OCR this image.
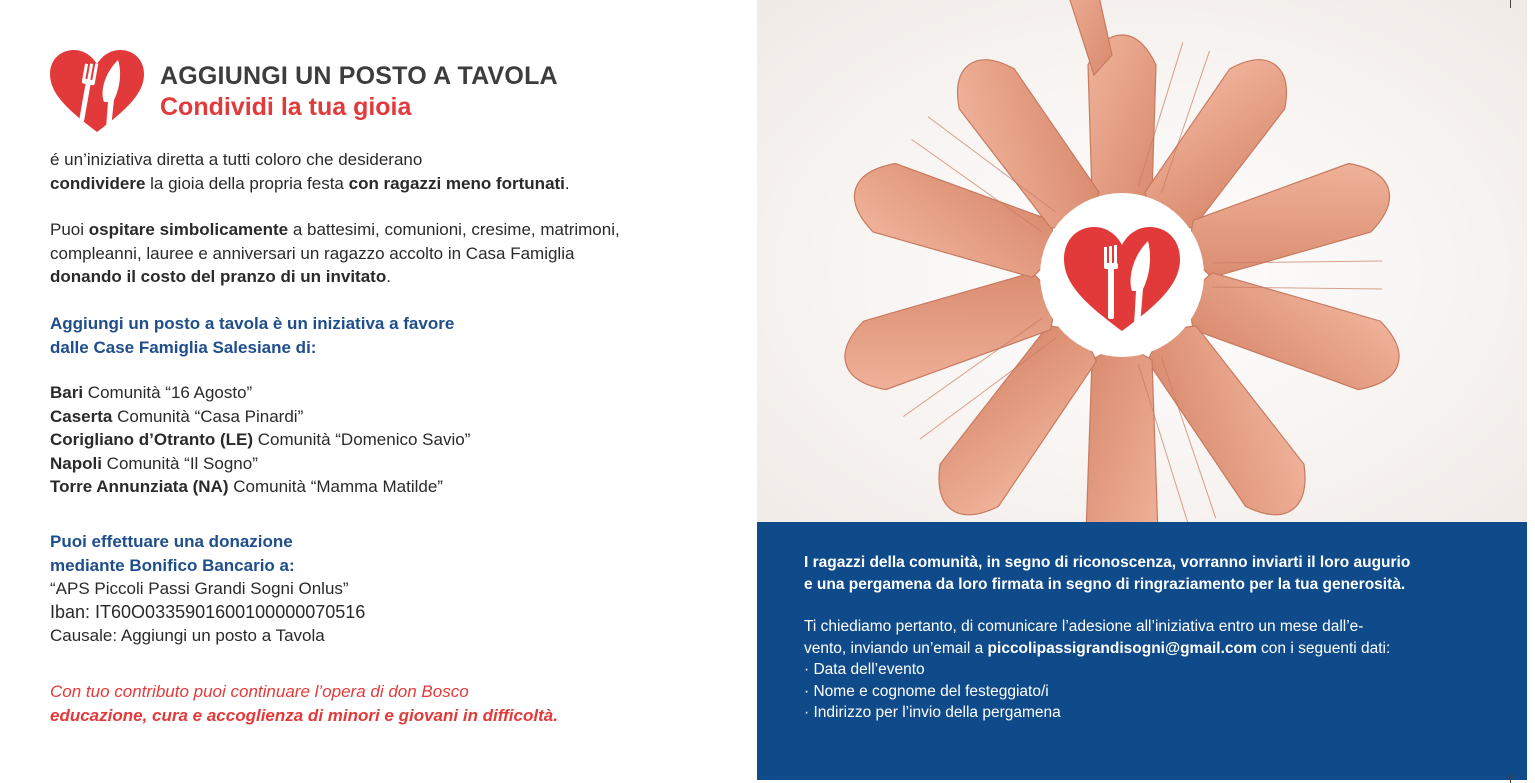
AGGIUNGI UN POSTO A TAVOLA
Condividi la tua gioia
é un’iniziativa diretta a tutti coloro che desiderano
condividere la gioia della propria festa con ragazzi meno fortunati.
Puoi ospitare simbolicamente a battesimi, comunioni, cresime, matrimoni,
compleanni, lauree e anniversari un ragazzo accolto in Casa Famiglia
donando il costo del pranzo di un invitato.
Aggiungi un posto a tavola è un iniziativa a favore
dalle Case Famiglia Salesiane di:
Bari Comunità “16 Agosto”
Caserta Comunità “Casa Pinardi”
Corigliano d’Otranto (LE) Comunità “Domenico Savio”
Napoli Comunità “Il Sogno”
Torre Annunziata (NA) Comunità “Mamma Matilde”
Puoi effettuare una donazione
mediante Bonifico Bancario a:
“APS Piccoli Passi Grandi Sogni Onlus”
Iban: IT60O0335901600100000070516
Causale: Aggiungi un posto a Tavola
Con tuo contributo puoi continuare l’opera di don Bosco
educazione, cura e accoglienza di minori e giovani in difficoltà.
I ragazzi della comunità, in segno di riconoscenza, vorranno inviarti il loro augurio
e una pergamena da loro firmata in segno di ringraziamento per la tua generosità.
Ti chiediamo pertanto, di comunicare l’adesione all’iniziativa entro un mese dall’e-
vento, inviando un’email a piccolipassigrandisogni@gmail.com con i seguenti dati:
· Data dell’evento
· Nome e cognome del festeggiato/i
· Indirizzo per l’invio della pergamena
